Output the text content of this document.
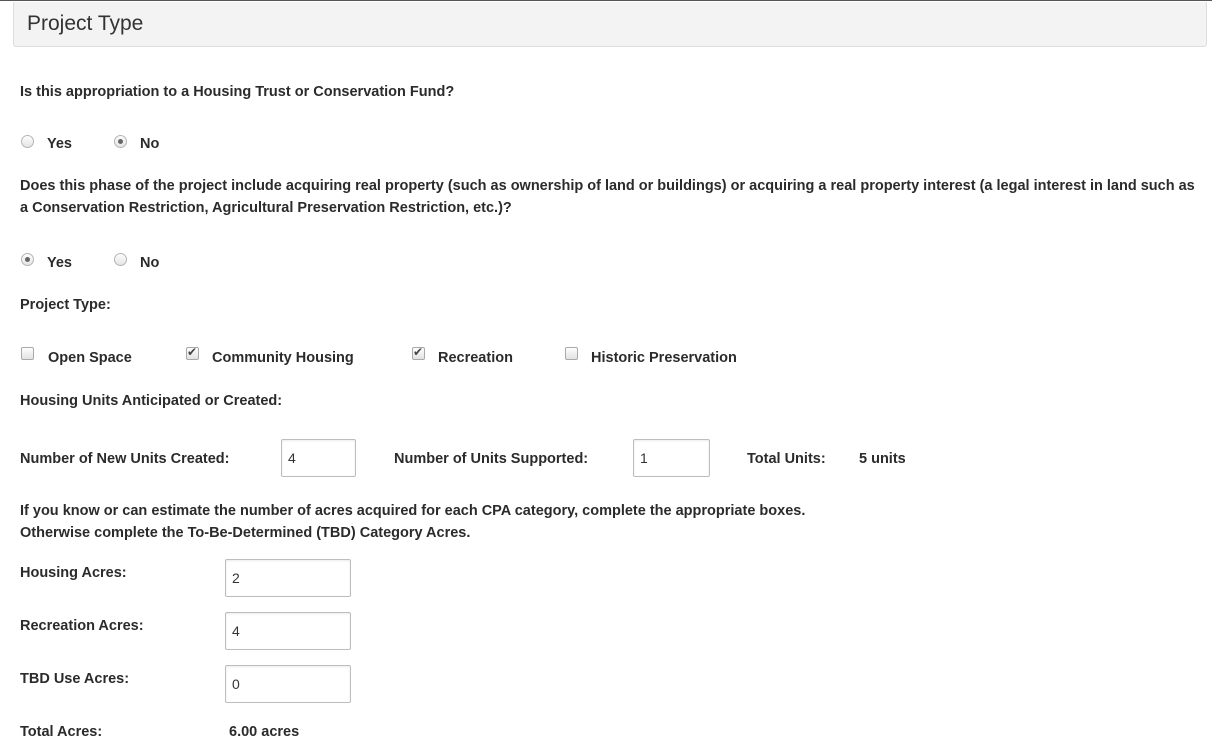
Project Type
Is this appropriation to a Housing Trust or Conservation Fund?
Yes	No
Does this phase of the project include acquiring real property (such as ownership of land or buildings) or acquiring a real property interest (a legal interest in land such as a Conservation Restriction, Agricultural Preservation Restriction, etc.)?
Yes	No
Project Type:
Open Space	✔ Community Housing	✔ Recreation	Historic Preservation
Housing Units Anticipated or Created:
Number of New Units Created:	4	Number of Units Supported:	1	Total Units: 5 units
If you know or can estimate the number of acres acquired for each CPA category, complete the appropriate boxes.
Otherwise complete the To-Be-Determined (TBD) Category Acres.
Housing Acres:	2
Recreation Acres:	4
TBD Use Acres:	0
Total Acres:	6.00 acres
